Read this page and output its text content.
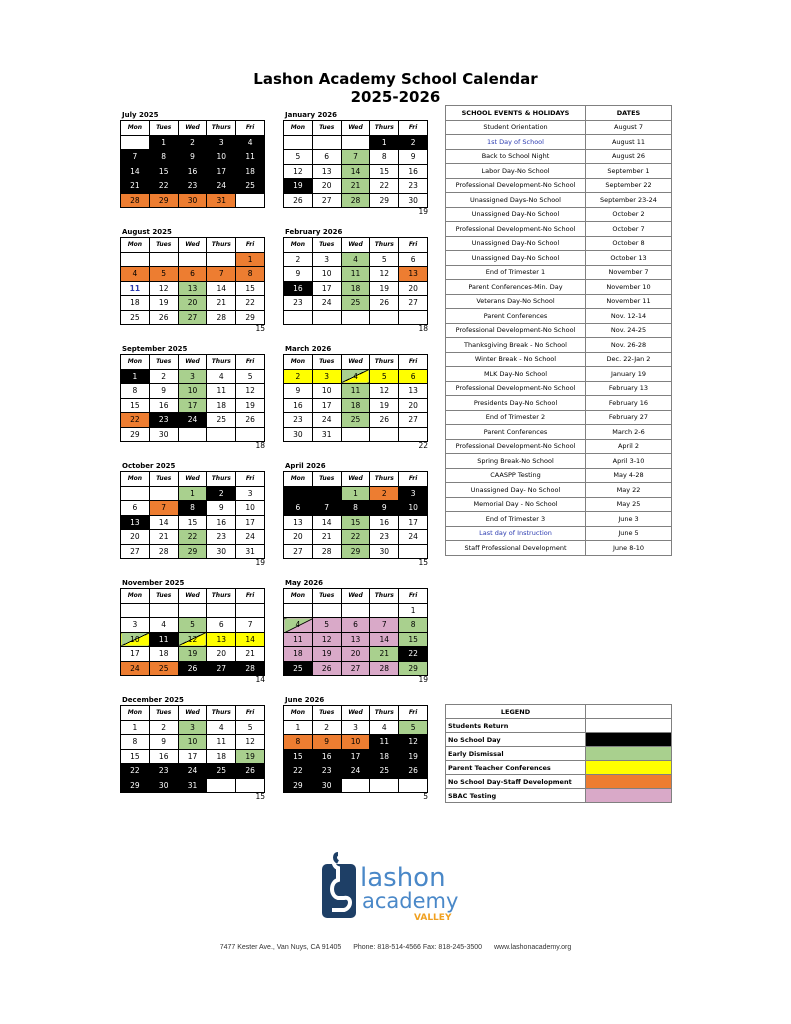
Lashon Academy School Calendar
2025-2026
July 2025
Mon	Tues	Wed	Thurs	Fri
	1	2	3	4
7	8	9	10	11
14	15	16	17	18
21	22	23	24	25
28	29	30	31	
January 2026
Mon	Tues	Wed	Thurs	Fri
			1	2
5	6	7	8	9
12	13	14	15	16
19	20	21	22	23
26	27	28	29	30
19
August 2025
Mon	Tues	Wed	Thurs	Fri
				1
4	5	6	7	8
11	12	13	14	15
18	19	20	21	22
25	26	27	28	29
15
February 2026
Mon	Tues	Wed	Thurs	Fri
2	3	4	5	6
9	10	11	12	13
16	17	18	19	20
23	24	25	26	27

18
September 2025
Mon	Tues	Wed	Thurs	Fri
1	2	3	4	5
8	9	10	11	12
15	16	17	18	19
22	23	24	25	26
29	30			
18
March 2026
Mon	Tues	Wed	Thurs	Fri
2	3	4	5	6
9	10	11	12	13
16	17	18	19	20
23	24	25	26	27
30	31			
22
October 2025
Mon	Tues	Wed	Thurs	Fri
		1	2	3
6	7	8	9	10
13	14	15	16	17
20	21	22	23	24
27	28	29	30	31
19
April 2026
Mon	Tues	Wed	Thurs	Fri
		1	2	3
6	7	8	9	10
13	14	15	16	17
20	21	22	23	24
27	28	29	30	
15
November 2025
Mon	Tues	Wed	Thurs	Fri

3	4	5	6	7
10	11	12	13	14
17	18	19	20	21
24	25	26	27	28
14
May 2026
Mon	Tues	Wed	Thurs	Fri
				1
4	5	6	7	8
11	12	13	14	15
18	19	20	21	22
25	26	27	28	29
19
December 2025
Mon	Tues	Wed	Thurs	Fri
1	2	3	4	5
8	9	10	11	12
15	16	17	18	19
22	23	24	25	26
29	30	31		
15
June 2026
Mon	Tues	Wed	Thurs	Fri
1	2	3	4	5
8	9	10	11	12
15	16	17	18	19
22	23	24	25	26
29	30			
5
SCHOOL EVENTS & HOLIDAYS	DATES
Student Orientation	August 7
1st Day of School	August 11
Back to School Night	August 26
Labor Day-No School	September 1
Professional Development-No School	September 22
Unassigned Days-No School	September 23-24
Unassigned Day-No School	October 2
Professional Development-No School	October 7
Unassigned Day-No School	October 8
Unassigned Day-No School	October 13
End of Trimester 1	November 7
Parent Conferences-Min. Day	November 10
Veterans Day-No School	November 11
Parent Conferences	Nov. 12-14
Professional Development-No School	Nov. 24-25
Thanksgiving Break - No School	Nov. 26-28
Winter Break - No School	Dec. 22-Jan 2
MLK Day-No School	January 19
Professional Development-No School	February 13
Presidents Day-No School	February 16
End of Trimester 2	February 27
Parent Conferences	March 2-6
Professional Development-No School	April 2
Spring Break-No School	April 3-10
CAASPP Testing	May 4-28
Unassigned Day- No School	May 22
Memorial Day - No School	May 25
End of Trimester 3	June 3
Last day of Instruction	June 5
Staff Professional Development	June 8-10
LEGEND	
Students Return	
No School Day	
Early Dismissal	
Parent Teacher Conferences	
No School Day-Staff Development	
SBAC Testing	
lashon
academy
VALLEY
7477 Kester Ave., Van Nuys, CA 91405 Phone: 818-514-4566 Fax: 818-245-3500 www.lashonacademy.org
